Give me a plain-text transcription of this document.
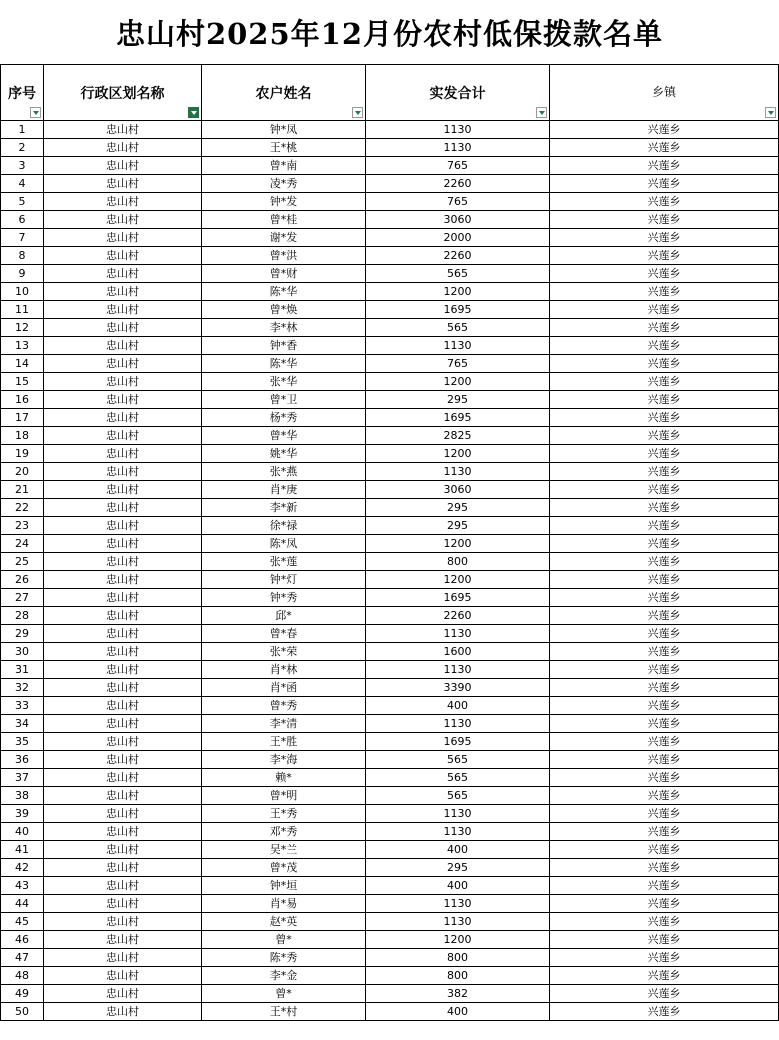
忠山村2025年12月份农村低保拨款名单
序号	行政区划名称	农户姓名	实发合计	乡镇

1	忠山村	钟*凤	1130	兴莲乡
2	忠山村	王*桃	1130	兴莲乡
3	忠山村	曾*南	765	兴莲乡
4	忠山村	凌*秀	2260	兴莲乡
5	忠山村	钟*发	765	兴莲乡
6	忠山村	曾*桂	3060	兴莲乡
7	忠山村	谢*发	2000	兴莲乡
8	忠山村	曾*洪	2260	兴莲乡
9	忠山村	曾*财	565	兴莲乡
10	忠山村	陈*华	1200	兴莲乡
11	忠山村	曾*焕	1695	兴莲乡
12	忠山村	李*林	565	兴莲乡
13	忠山村	钟*香	1130	兴莲乡
14	忠山村	陈*华	765	兴莲乡
15	忠山村	张*华	1200	兴莲乡
16	忠山村	曾*卫	295	兴莲乡
17	忠山村	杨*秀	1695	兴莲乡
18	忠山村	曾*华	2825	兴莲乡
19	忠山村	姚*华	1200	兴莲乡
20	忠山村	张*燕	1130	兴莲乡
21	忠山村	肖*庚	3060	兴莲乡
22	忠山村	李*新	295	兴莲乡
23	忠山村	徐*禄	295	兴莲乡
24	忠山村	陈*凤	1200	兴莲乡
25	忠山村	张*莲	800	兴莲乡
26	忠山村	钟*灯	1200	兴莲乡
27	忠山村	钟*秀	1695	兴莲乡
28	忠山村	邱*	2260	兴莲乡
29	忠山村	曾*春	1130	兴莲乡
30	忠山村	张*荣	1600	兴莲乡
31	忠山村	肖*林	1130	兴莲乡
32	忠山村	肖*函	3390	兴莲乡
33	忠山村	曾*秀	400	兴莲乡
34	忠山村	李*清	1130	兴莲乡
35	忠山村	王*胜	1695	兴莲乡
36	忠山村	李*海	565	兴莲乡
37	忠山村	赖*	565	兴莲乡
38	忠山村	曾*明	565	兴莲乡
39	忠山村	王*秀	1130	兴莲乡
40	忠山村	邓*秀	1130	兴莲乡
41	忠山村	吴*兰	400	兴莲乡
42	忠山村	曾*茂	295	兴莲乡
43	忠山村	钟*垣	400	兴莲乡
44	忠山村	肖*易	1130	兴莲乡
45	忠山村	赵*英	1130	兴莲乡
46	忠山村	曾*	1200	兴莲乡
47	忠山村	陈*秀	800	兴莲乡
48	忠山村	李*金	800	兴莲乡
49	忠山村	曾*	382	兴莲乡
50	忠山村	王*村	400	兴莲乡
